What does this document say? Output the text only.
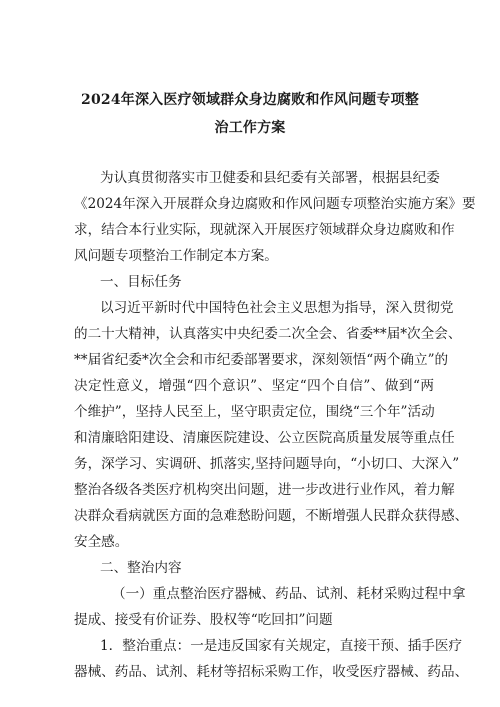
2024年深入医疗领域群众身边腐败和作风问题专项整
治工作方案
为认真贯彻落实市卫健委和县纪委有关部署，根据县纪委
《2024年深入开展群众身边腐败和作风问题专项整治实施方案》要
求，结合本行业实际，现就深入开展医疗领域群众身边腐败和作
风问题专项整治工作制定本方案。
一、目标任务
以习近平新时代中国特色社会主义思想为指导，深入贯彻党
的二十大精神，认真落实中央纪委二次全会、省委**届*次全会、
**届省纪委*次全会和市纪委部署要求，深刻领悟“两个确立”的
决定性意义，增强“四个意识”、坚定“四个自信”、做到“两
个维护”，坚持人民至上，坚守职责定位，围绕“三个年”活动
和清廉晗阳建设、清廉医院建设、公立医院高质量发展等重点任
务，深学习、实调研、抓落实,坚持问题导向，“小切口、大深入”
整治各级各类医疗机构突出问题，进一步改进行业作风，着力解
决群众看病就医方面的急难愁盼问题，不断增强人民群众获得感、
安全感。
二、整治内容
（一）重点整治医疗器械、药品、试剂、耗材采购过程中拿
提成、接受有价证券、股权等“吃回扣”问题
1．整治重点：一是违反国家有关规定，直接干预、插手医疗
器械、药品、试剂、耗材等招标采购工作，收受医疗器械、药品、
